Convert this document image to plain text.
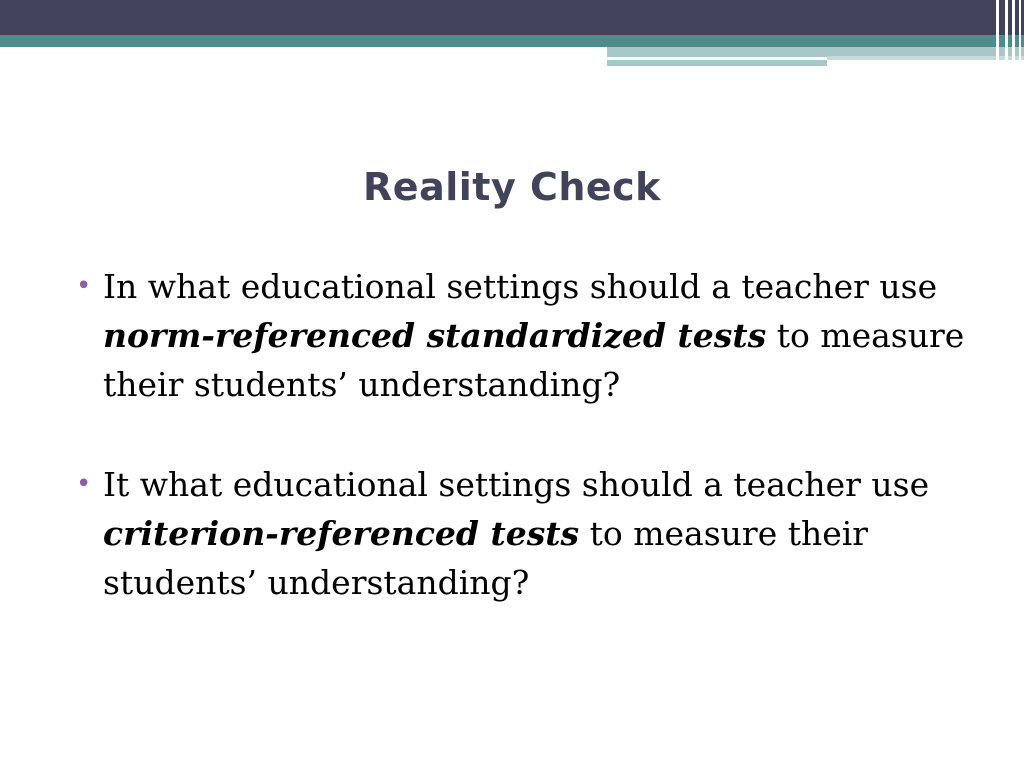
Reality Check
• In what educational settings should a teacher use norm-referenced standardized tests to measure their students’ understanding?
• It what educational settings should a teacher use criterion-referenced tests to measure their students’ understanding?
